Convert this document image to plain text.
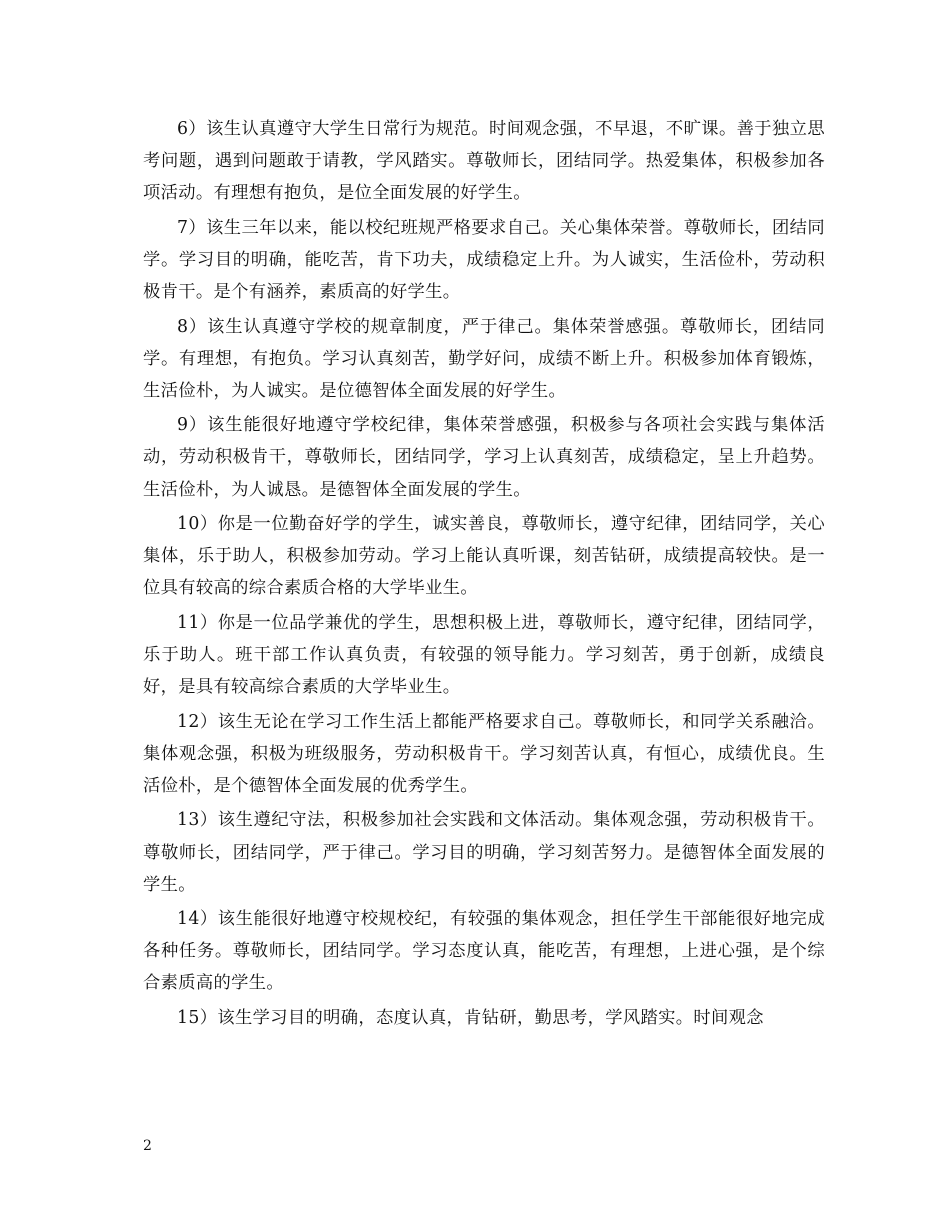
6）该生认真遵守大学生日常行为规范。时间观念强，不早退，不旷课。善于独立思考问题，遇到问题敢于请教，学风踏实。尊敬师长，团结同学。热爱集体，积极参加各项活动。有理想有抱负，是位全面发展的好学生。

7）该生三年以来，能以校纪班规严格要求自己。关心集体荣誉。尊敬师长，团结同学。学习目的明确，能吃苦，肯下功夫，成绩稳定上升。为人诚实，生活俭朴，劳动积极肯干。是个有涵养，素质高的好学生。

8）该生认真遵守学校的规章制度，严于律己。集体荣誉感强。尊敬师长，团结同学。有理想，有抱负。学习认真刻苦，勤学好问，成绩不断上升。积极参加体育锻炼，生活俭朴，为人诚实。是位德智体全面发展的好学生。

9）该生能很好地遵守学校纪律，集体荣誉感强，积极参与各项社会实践与集体活动，劳动积极肯干，尊敬师长，团结同学，学习上认真刻苦，成绩稳定，呈上升趋势。生活俭朴，为人诚恳。是德智体全面发展的学生。

10）你是一位勤奋好学的学生，诚实善良，尊敬师长，遵守纪律，团结同学，关心集体，乐于助人，积极参加劳动。学习上能认真听课，刻苦钻研，成绩提高较快。是一位具有较高的综合素质合格的大学毕业生。

11）你是一位品学兼优的学生，思想积极上进，尊敬师长，遵守纪律，团结同学，乐于助人。班干部工作认真负责，有较强的领导能力。学习刻苦，勇于创新，成绩良好，是具有较高综合素质的大学毕业生。

12）该生无论在学习工作生活上都能严格要求自己。尊敬师长，和同学关系融洽。集体观念强，积极为班级服务，劳动积极肯干。学习刻苦认真，有恒心，成绩优良。生活俭朴，是个德智体全面发展的优秀学生。

13）该生遵纪守法，积极参加社会实践和文体活动。集体观念强，劳动积极肯干。尊敬师长，团结同学，严于律己。学习目的明确，学习刻苦努力。是德智体全面发展的学生。

14）该生能很好地遵守校规校纪，有较强的集体观念，担任学生干部能很好地完成各种任务。尊敬师长，团结同学。学习态度认真，能吃苦，有理想，上进心强，是个综合素质高的学生。

15）该生学习目的明确，态度认真，肯钻研，勤思考，学风踏实。时间观念

2
